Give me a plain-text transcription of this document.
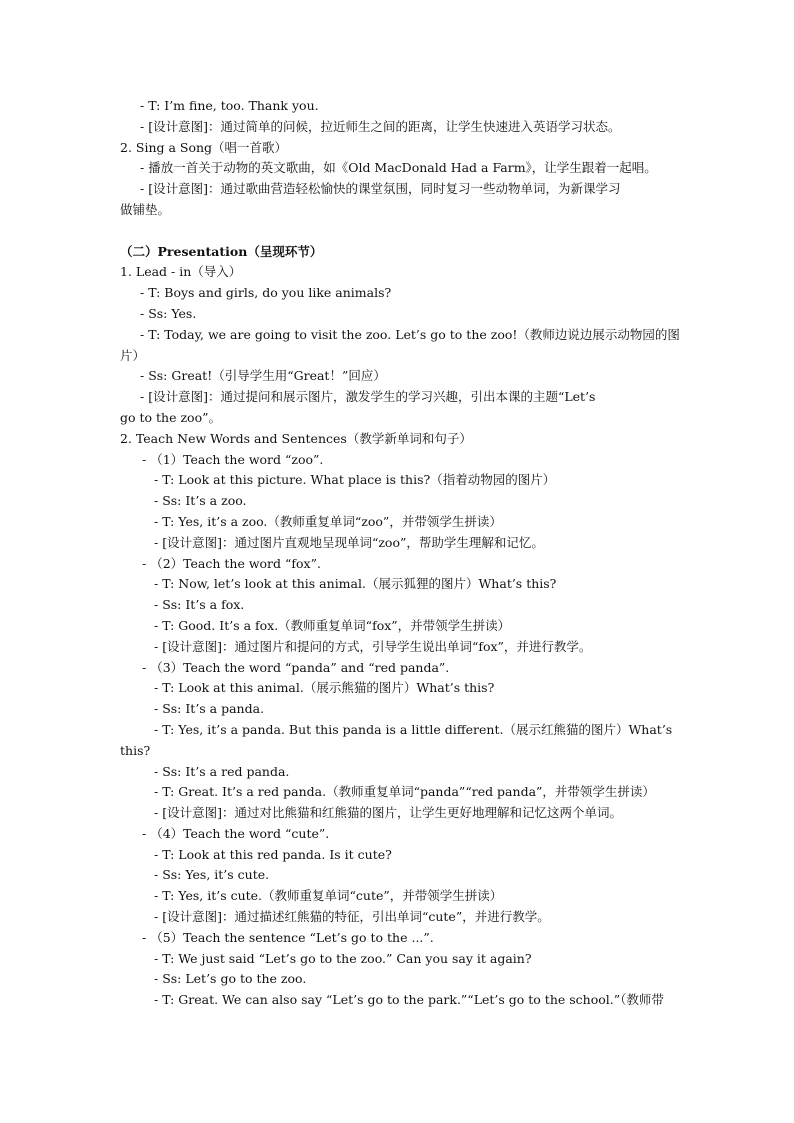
- T: I’m fine, too. Thank you.
- [设计意图]：通过简单的问候，拉近师生之间的距离，让学生快速进入英语学习状态。
2. Sing a Song（唱一首歌）
- 播放一首关于动物的英文歌曲，如《Old MacDonald Had a Farm》，让学生跟着一起唱。
- [设计意图]：通过歌曲营造轻松愉快的课堂氛围，同时复习一些动物单词，为新课学习
做铺垫。
（二）Presentation（呈现环节）
1. Lead - in（导入）
- T: Boys and girls, do you like animals?
- Ss: Yes.
- T: Today, we are going to visit the zoo. Let’s go to the zoo!（教师边说边展示动物园的图
片）
- Ss: Great!（引导学生用“Great！”回应）
- [设计意图]：通过提问和展示图片，激发学生的学习兴趣，引出本课的主题“Let’s
go to the zoo”。
2. Teach New Words and Sentences（教学新单词和句子）
- （1）Teach the word “zoo”.
- T: Look at this picture. What place is this?（指着动物园的图片）
- Ss: It’s a zoo.
- T: Yes, it’s a zoo.（教师重复单词“zoo”，并带领学生拼读）
- [设计意图]：通过图片直观地呈现单词“zoo”，帮助学生理解和记忆。
- （2）Teach the word “fox”.
- T: Now, let’s look at this animal.（展示狐狸的图片）What’s this?
- Ss: It’s a fox.
- T: Good. It’s a fox.（教师重复单词“fox”，并带领学生拼读）
- [设计意图]：通过图片和提问的方式，引导学生说出单词“fox”，并进行教学。
- （3）Teach the word “panda” and “red panda”.
- T: Look at this animal.（展示熊猫的图片）What’s this?
- Ss: It’s a panda.
- T: Yes, it’s a panda. But this panda is a little different.（展示红熊猫的图片）What’s
this?
- Ss: It’s a red panda.
- T: Great. It’s a red panda.（教师重复单词“panda”“red panda”，并带领学生拼读）
- [设计意图]：通过对比熊猫和红熊猫的图片，让学生更好地理解和记忆这两个单词。
- （4）Teach the word “cute”.
- T: Look at this red panda. Is it cute?
- Ss: Yes, it’s cute.
- T: Yes, it’s cute.（教师重复单词“cute”，并带领学生拼读）
- [设计意图]：通过描述红熊猫的特征，引出单词“cute”，并进行教学。
- （5）Teach the sentence “Let’s go to the ...”.
- T: We just said “Let’s go to the zoo.” Can you say it again?
- Ss: Let’s go to the zoo.
- T: Great. We can also say “Let’s go to the park.”“Let’s go to the school.”（教师带
